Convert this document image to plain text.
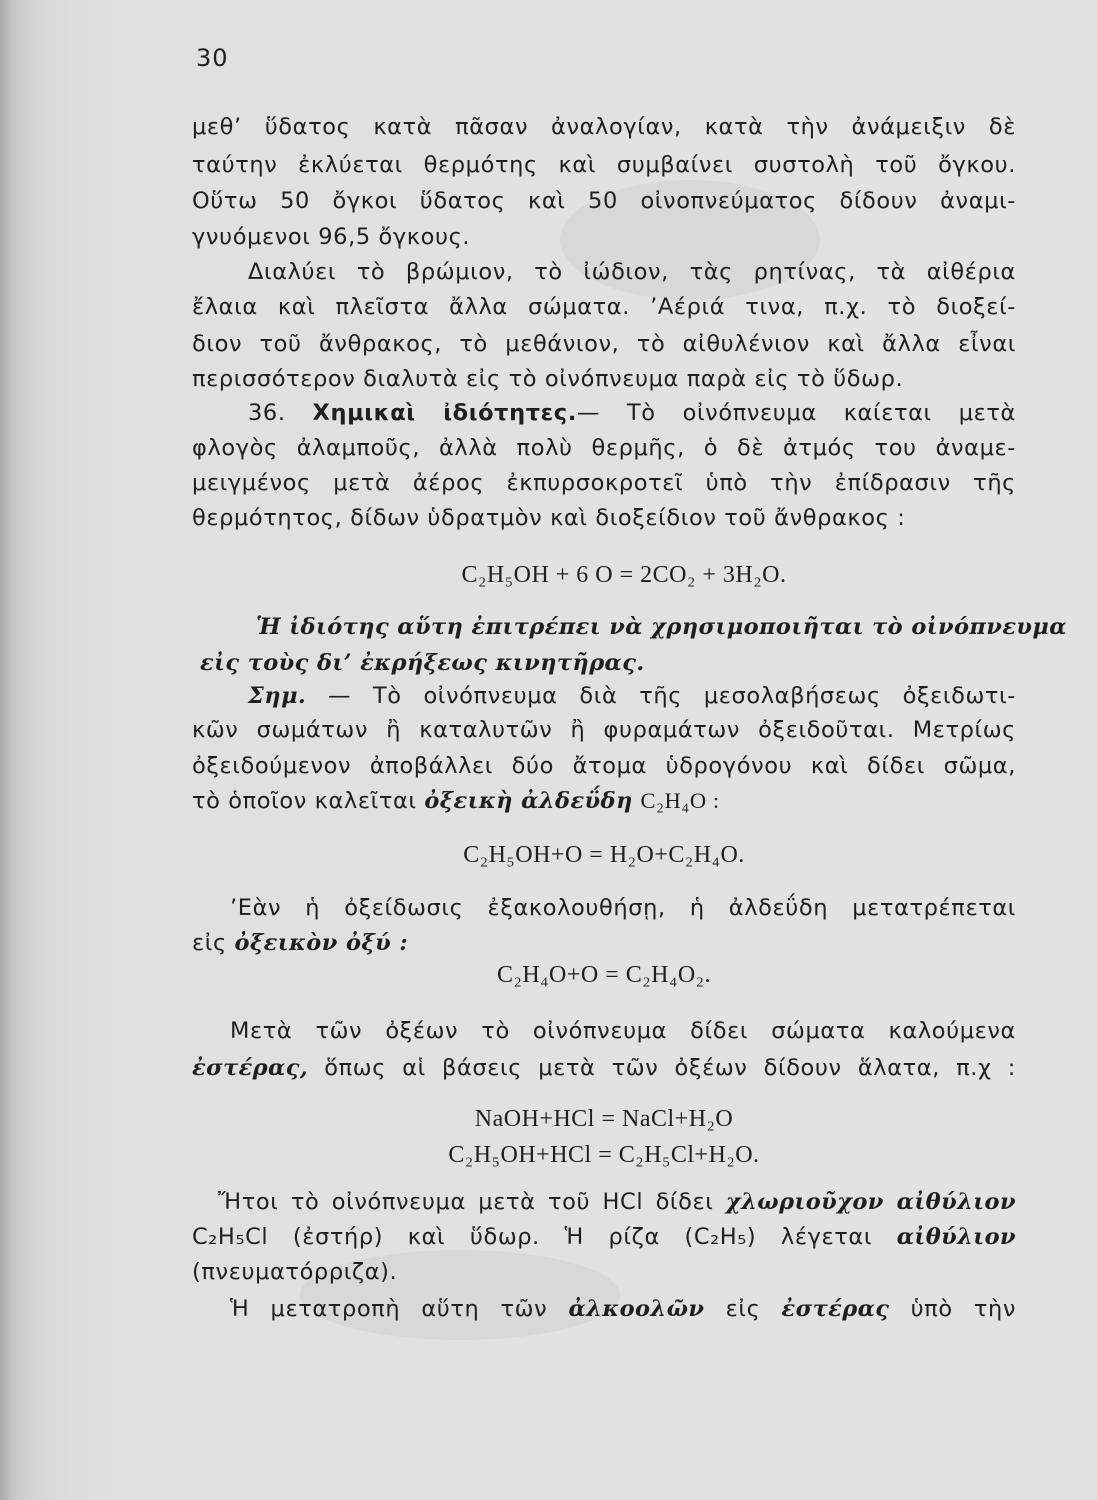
30
μεθ’ ὕδατος κατὰ πᾶσαν ἀναλογίαν, κατὰ τὴν ἀνάμειξιν δὲ
ταύτην ἐκλύεται θερμότης καὶ συμβαίνει συστολὴ τοῦ ὄγκου.
Οὕτω 50 ὄγκοι ὕδατος καὶ 50 οἰνοπνεύματος δίδουν ἀναμι-
γνυόμενοι 96,5 ὄγκους.
Διαλύει τὸ βρώμιον, τὸ ἰώδιον, τὰς ρητίνας, τὰ αἰθέρια
ἔλαια καὶ πλεῖστα ἄλλα σώματα. ’Αέριά τινα, π.χ. τὸ διοξεί-
διον τοῦ ἄνθρακος, τὸ μεθάνιον, τὸ αἰθυλένιον καὶ ἄλλα εἶναι
περισσότερον διαλυτὰ εἰς τὸ οἰνόπνευμα παρὰ εἰς τὸ ὕδωρ.
36. Χημικαὶ ἰδιότητες.— Τὸ οἰνόπνευμα καίεται μετὰ
φλογὸς ἀλαμποῦς, ἀλλὰ πολὺ θερμῆς, ὁ δὲ ἀτμός του ἀναμε-
μειγμένος μετὰ ἀέρος ἐκπυρσοκροτεῖ ὑπὸ τὴν ἐπίδρασιν τῆς
θερμότητος, δίδων ὑδρατμὸν καὶ διοξείδιον τοῦ ἄνθρακος :
C₂H₅OH + 6 O = 2CO₂ + 3H₂O.
Ἡ ἰδιότης αὕτη ἐπιτρέπει νὰ χρησιμοποιῆται τὸ οἰνόπνευμα
εἰς τοὺς δι’ ἐκρήξεως κινητῆρας.
Σημ. — Τὸ οἰνόπνευμα διὰ τῆς μεσολαβήσεως ὀξειδωτι-
κῶν σωμάτων ἢ καταλυτῶν ἢ φυραμάτων ὀξειδοῦται. Μετρίως
ὀξειδούμενον ἀποβάλλει δύο ἄτομα ὑδρογόνου καὶ δίδει σῶμα,
τὸ ὁποῖον καλεῖται ὀξεικὴ ἀλδεΰδη C₂H₄O :
C₂H₅OH+O = H₂O+C₂H₄O.
’Εὰν ἡ ὀξείδωσις ἐξακολουθήσῃ, ἡ ἀλδεΰδη μετατρέπεται
εἰς ὀξεικὸν ὀξύ :
C₂H₄O+O = C₂H₄O₂.
Μετὰ τῶν ὀξέων τὸ οἰνόπνευμα δίδει σώματα καλούμενα
ἐστέρας, ὅπως αἱ βάσεις μετὰ τῶν ὀξέων δίδουν ἅλατα, π.χ :
NaOH+HCl = NaCl+H₂O
C₂H₅OH+HCl = C₂H₅Cl+H₂O.
Ἤτοι τὸ οἰνόπνευμα μετὰ τοῦ HCl δίδει χλωριοῦχον αἰθύλιον
C₂H₅Cl (ἐστήρ) καὶ ὕδωρ. Ἡ ρίζα (C₂H₅) λέγεται αἰθύλιον
(πνευματόρριζα).
Ἡ μετατροπὴ αὕτη τῶν ἀλκοολῶν εἰς ἐστέρας ὑπὸ τὴν
